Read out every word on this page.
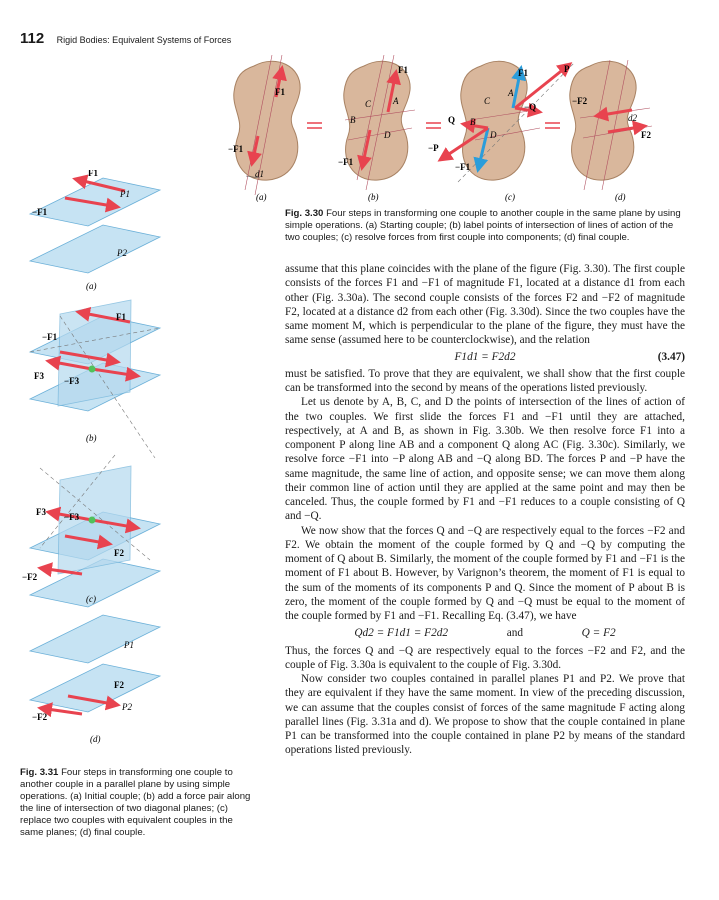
112 Rigid Bodies: Equivalent Systems of Forces
F1
−F1
d1
F1
−F1
C A
B
D
F1	P
Q
−Q
−P
−F1
C
A
B
D
−F2
F2
d2
(a)	(b)	(c)	(d)
Fig. 3.30 Four steps in transforming one couple to another couple in the same plane by using simple operations. (a) Starting couple; (b) label points of intersection of lines of action of the two couples; (c) resolve forces from first couple into components; (d) final couple.
F1
P1
−F1
P2
(a)
F1
−F1
F3 −F3
(b)
F3 −F3
F2
−F2
(c)
P1
F2
P2
−F2
(d)
Fig. 3.31 Four steps in transforming one couple to another couple in a parallel plane by using simple operations. (a) Initial couple; (b) add a force pair along the line of intersection of two diagonal planes; (c) replace two couples with equivalent couples in the same planes; (d) final couple.

assume that this plane coincides with the plane of the figure (Fig. 3.30). The first couple consists of the forces F1 and −F1 of magnitude F1, located at a distance d1 from each other (Fig. 3.30a). The second couple consists of the forces F2 and −F2 of magnitude F2, located at a distance d2 from each other (Fig. 3.30d). Since the two couples have the same moment M, which is perpendicular to the plane of the figure, they must have the same sense (assumed here to be counterclockwise), and the relation

F1d1 = F2d2	(3.47)

must be satisfied. To prove that they are equivalent, we shall show that the first couple can be transformed into the second by means of the operations listed previously.

Let us denote by A, B, C, and D the points of intersection of the lines of action of the two couples. We first slide the forces F1 and −F1 until they are attached, respectively, at A and B, as shown in Fig. 3.30b. We then resolve force F1 into a component P along line AB and a component Q along AC (Fig. 3.30c). Similarly, we resolve force −F1 into −P along AB and −Q along BD. The forces P and −P have the same magnitude, the same line of action, and opposite sense; we can move them along their common line of action until they are applied at the same point and may then be canceled. Thus, the couple formed by F1 and −F1 reduces to a couple consisting of Q and −Q.

We now show that the forces Q and −Q are respectively equal to the forces −F2 and F2. We obtain the moment of the couple formed by Q and −Q by computing the moment of Q about B. Similarly, the moment of the couple formed by F1 and −F1 is the moment of F1 about B. However, by Varignon’s theorem, the moment of F1 is equal to the sum of the moments of its components P and Q. Since the moment of P about B is zero, the moment of the couple formed by Q and −Q must be equal to the moment of the couple formed by F1 and −F1. Recalling Eq. (3.47), we have

Qd2 = F1d1 = F2d2	and	Q = F2

Thus, the forces Q and −Q are respectively equal to the forces −F2 and F2, and the couple of Fig. 3.30a is equivalent to the couple of Fig. 3.30d.

Now consider two couples contained in parallel planes P1 and P2. We prove that they are equivalent if they have the same moment. In view of the preceding discussion, we can assume that the couples consist of forces of the same magnitude F acting along parallel lines (Fig. 3.31a and d). We propose to show that the couple contained in plane P1 can be transformed into the couple contained in plane P2 by means of the standard operations listed previously.
